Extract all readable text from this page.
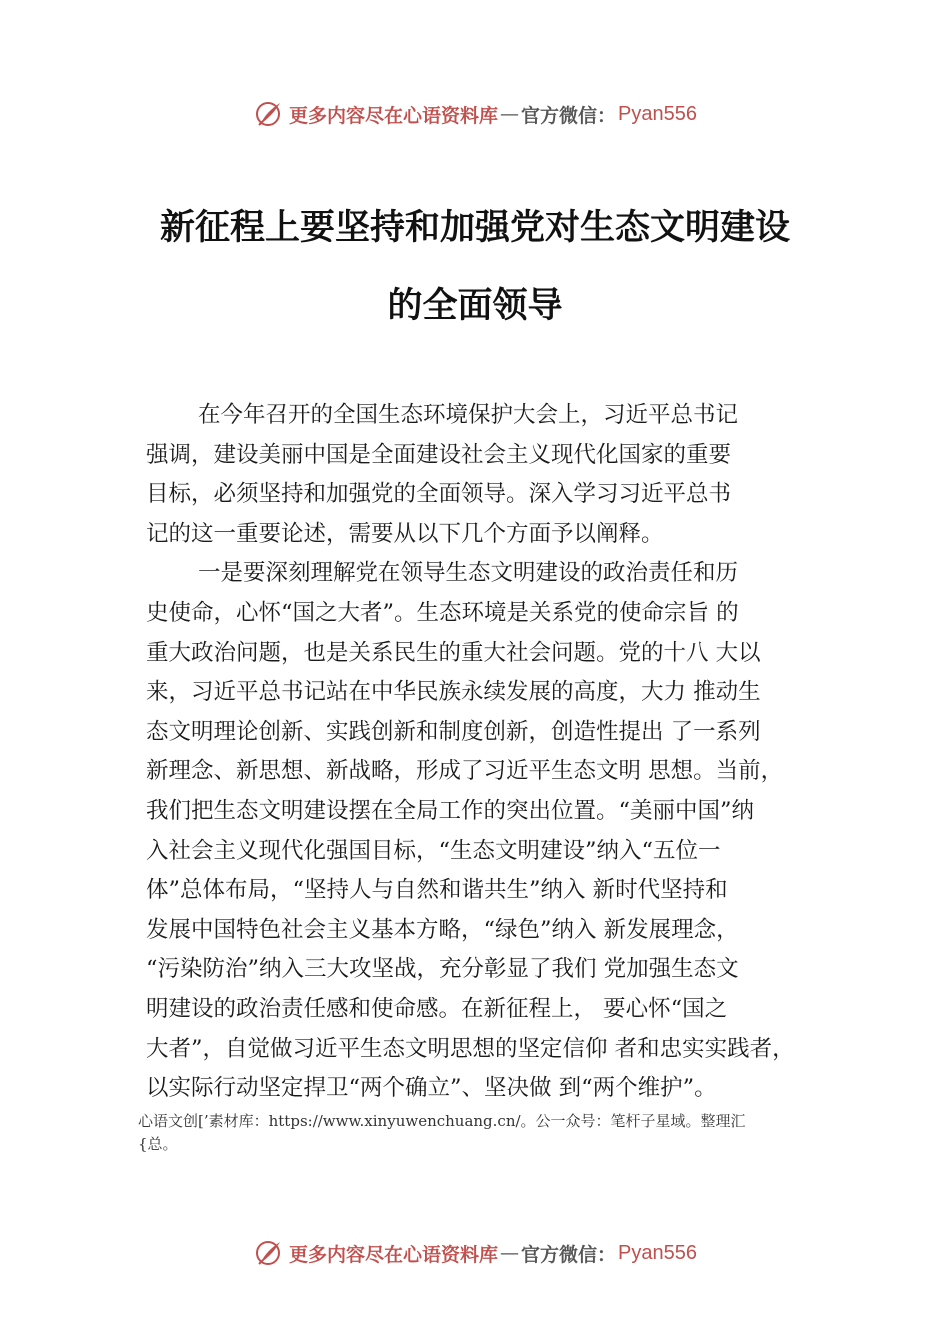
更多内容尽在心语资料库 — 官方微信： Pyan556
新征程上要坚持和加强党对生态文明建设
的全面领导
在今年召开的全国生态环境保护大会上，习近平总书记
强调，建设美丽中国是全面建设社会主义现代化国家的重要
目标，必须坚持和加强党的全面领导。深入学习习近平总书
记的这一重要论述，需要从以下几个方面予以阐释。
一是要深刻理解党在领导生态文明建设的政治责任和历
史使命，心怀“国之大者”。生态环境是关系党的使命宗旨 的
重大政治问题，也是关系民生的重大社会问题。党的十八 大以
来，习近平总书记站在中华民族永续发展的高度，大力 推动生
态文明理论创新、实践创新和制度创新，创造性提出 了一系列
新理念、新思想、新战略，形成了习近平生态文明 思想。当前，
我们把生态文明建设摆在全局工作的突出位置。“美丽中国”纳
入社会主义现代化强国目标，“生态文明建设”纳入“五位一
体”总体布局，“坚持人与自然和谐共生”纳入 新时代坚持和
发展中国特色社会主义基本方略，“绿色”纳入 新发展理念，
“污染防治”纳入三大攻坚战，充分彰显了我们 党加强生态文
明建设的政治责任感和使命感。在新征程上， 要心怀“国之
大者”，自觉做习近平生态文明思想的坚定信仰 者和忠实实践者，
以实际行动坚定捍卫“两个确立”、坚决做 到“两个维护”。
心语文创[’素材库：https://www.xinyuwenchuang.cn/。公一众号：笔杆子星域。整理汇
{总。
更多内容尽在心语资料库 — 官方微信： Pyan556
